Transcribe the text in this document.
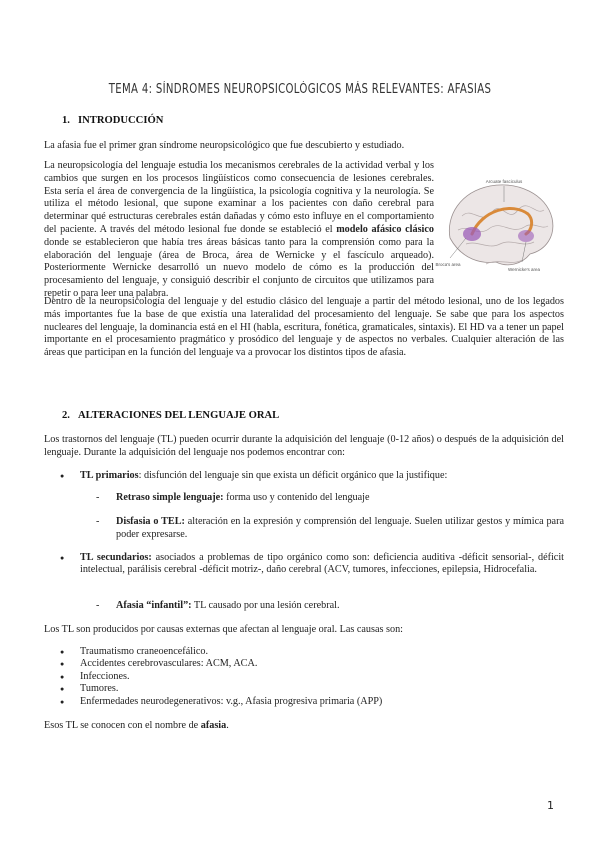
TEMA 4: SÍNDROMES NEUROPSICOLÓGICOS MÁS RELEVANTES: AFASIAS
1. INTRODUCCIÓN

La afasia fue el primer gran síndrome neuropsicológico que fue descubierto y estudiado.

La neuropsicología del lenguaje estudia los mecanismos cerebrales de la actividad verbal y los cambios que surgen en los procesos lingüísticos como consecuencia de lesiones cerebrales. Esta sería el área de convergencia de la lingüística, la psicología cognitiva y la neurología. Se utiliza el método lesional, que supone examinar a los pacientes con daño cerebral para determinar qué estructuras cerebrales están dañadas y cómo esto influye en el comportamiento del paciente. A través del método lesional fue donde se estableció el modelo afásico clásico donde se establecieron que había tres áreas básicas tanto para la comprensión como para la elaboración del lenguaje (área de Broca, área de Wernicke y el fascículo arqueado). Posteriormente Wernicke desarrolló un nuevo modelo de cómo es la producción del procesamiento del lenguaje, y consiguió describir el conjunto de circuitos que utilizamos para repetir o para leer una palabra.

Arcuate fasciculus
Broca's area
Wernicke's area

Dentro de la neuropsicología del lenguaje y del estudio clásico del lenguaje a partir del método lesional, uno de los legados más importantes fue la base de que existía una lateralidad del procesamiento del lenguaje. Se sabe que para los aspectos nucleares del lenguaje, la dominancia está en el HI (habla, escritura, fonética, gramaticales, sintaxis). El HD va a tener un papel importante en el procesamiento pragmático y prosódico del lenguaje y de aspectos no verbales. Cualquier alteración de las áreas que participan en la función del lenguaje va a provocar los distintos tipos de afasia.

2. ALTERACIONES DEL LENGUAJE ORAL

Los trastornos del lenguaje (TL) pueden ocurrir durante la adquisición del lenguaje (0-12 años) o después de la adquisición del lenguaje. Durante la adquisición del lenguaje nos podemos encontrar con:

● TL primarios: disfunción del lenguaje sin que exista un déficit orgánico que la justifique:

- Retraso simple lenguaje: forma uso y contenido del lenguaje

- Disfasia o TEL: alteración en la expresión y comprensión del lenguaje. Suelen utilizar gestos y mímica para poder expresarse.

● TL secundarios: asociados a problemas de tipo orgánico como son: deficiencia auditiva -déficit sensorial-, déficit intelectual, parálisis cerebral -déficit motriz-, daño cerebral (ACV, tumores, infecciones, epilepsia, Hidrocefalia.

- Afasia “infantil”: TL causado por una lesión cerebral.

Los TL son producidos por causas externas que afectan al lenguaje oral. Las causas son:

● Traumatismo craneoencefálico.
● Accidentes cerebrovasculares: ACM, ACA.
● Infecciones.
● Tumores.
● Enfermedades neurodegenerativos: v.g., Afasia progresiva primaria (APP)

Esos TL se conocen con el nombre de afasia.

1
